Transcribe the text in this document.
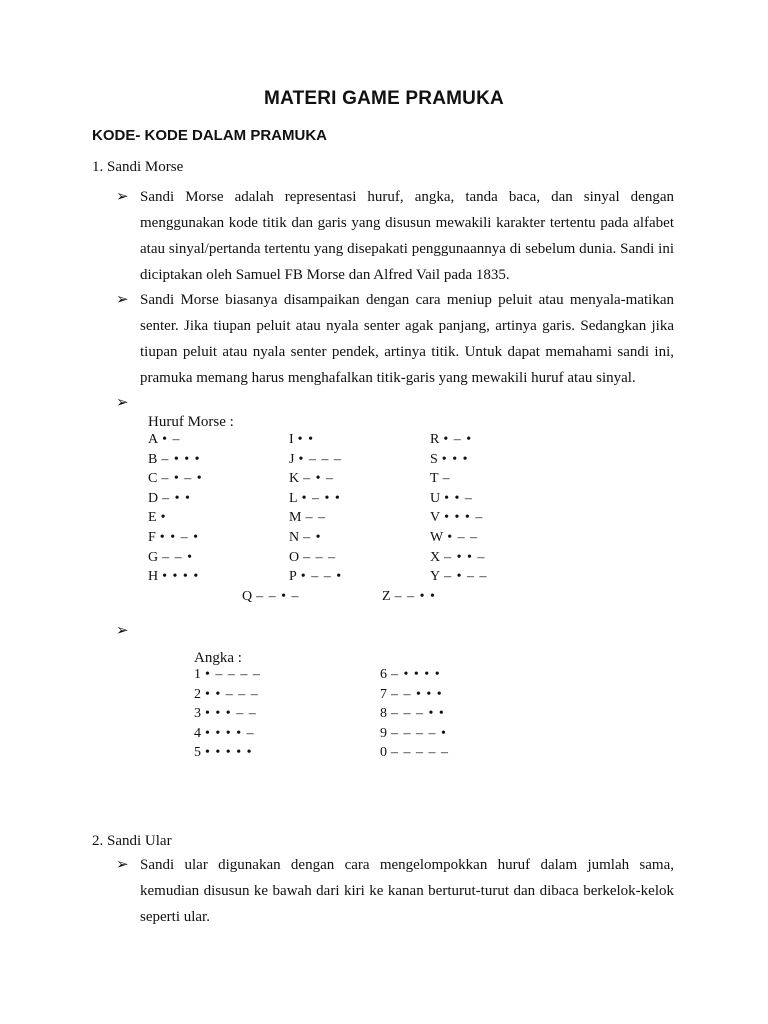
MATERI GAME PRAMUKA
KODE- KODE DALAM PRAMUKA
1. Sandi Morse
➢ Sandi Morse adalah representasi huruf, angka, tanda baca, dan sinyal dengan menggunakan kode titik dan garis yang disusun mewakili karakter tertentu pada alfabet atau sinyal/pertanda tertentu yang disepakati penggunaannya di sebelum dunia. Sandi ini diciptakan oleh Samuel FB Morse dan Alfred Vail pada 1835.
➢ Sandi Morse biasanya disampaikan dengan cara meniup peluit atau menyala-matikan senter. Jika tiupan peluit atau nyala senter agak panjang, artinya garis. Sedangkan jika tiupan peluit atau nyala senter pendek, artinya titik. Untuk dapat memahami sandi ini, pramuka memang harus menghafalkan titik-garis yang mewakili huruf atau sinyal.
➢
Huruf Morse :
A • –
B – • • •
C – • – •
D – • •
E •
F • • – •
G – – •
H • • • •
I • •
J • – – –
K – • –
L • – • •
M – –
N – •
O – – –
P • – – •
R • – •
S • • •
T –
U • • –
V • • • –
W • – –
X – • • –
Y – • – –
Q – – • –	Z – – • •
➢
Angka :
1 • – – – –
2 • • – – –
3 • • • – –
4 • • • • –
5 • • • • •
6 – • • • •
7 – – • • •
8 – – – • •
9 – – – – •
0 – – – – –
2. Sandi Ular
➢ Sandi ular digunakan dengan cara mengelompokkan huruf dalam jumlah sama, kemudian disusun ke bawah dari kiri ke kanan berturut-turut dan dibaca berkelok-kelok seperti ular.
